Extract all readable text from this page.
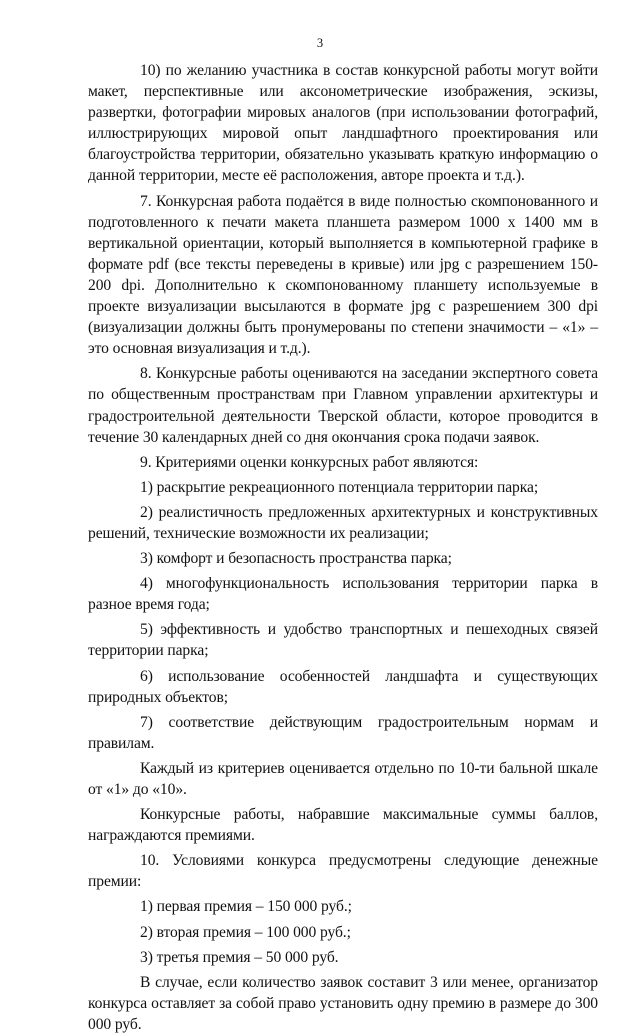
3

10) по желанию участника в состав конкурсной работы могут войти макет, перспективные или аксонометрические изображения, эскизы, развертки, фотографии мировых аналогов (при использовании фотографий, иллюстрирующих мировой опыт ландшафтного проектирования или благоустройства территории, обязательно указывать краткую информацию о данной территории, месте её расположения, авторе проекта и т.д.).

7. Конкурсная работа подаётся в виде полностью скомпонованного и подготовленного к печати макета планшета размером 1000 х 1400 мм в вертикальной ориентации, который выполняется в компьютерной графике в формате pdf (все тексты переведены в кривые) или jpg с разрешением 150-200 dpi. Дополнительно к скомпонованному планшету используемые в проекте визуализации высылаются в формате jpg с разрешением 300 dpi (визуализации должны быть пронумерованы по степени значимости – «1» – это основная визуализация и т.д.).

8. Конкурсные работы оцениваются на заседании экспертного совета по общественным пространствам при Главном управлении архитектуры и градостроительной деятельности Тверской области, которое проводится в течение 30 календарных дней со дня окончания срока подачи заявок.

9. Критериями оценки конкурсных работ являются:

1) раскрытие рекреационного потенциала территории парка;

2) реалистичность предложенных архитектурных и конструктивных решений, технические возможности их реализации;

3) комфорт и безопасность пространства парка;

4) многофункциональность использования территории парка в разное время года;

5) эффективность и удобство транспортных и пешеходных связей территории парка;

6) использование особенностей ландшафта и существующих природных объектов;

7) соответствие действующим градостроительным нормам и правилам.

Каждый из критериев оценивается отдельно по 10-ти бальной шкале от «1» до «10».

Конкурсные работы, набравшие максимальные суммы баллов, награждаются премиями.

10. Условиями конкурса предусмотрены следующие денежные премии:

1) первая премия – 150 000 руб.;

2) вторая премия – 100 000 руб.;

3) третья премия – 50 000 руб.

В случае, если количество заявок составит 3 или менее, организатор конкурса оставляет за собой право установить одну премию в размере до 300 000 руб.
